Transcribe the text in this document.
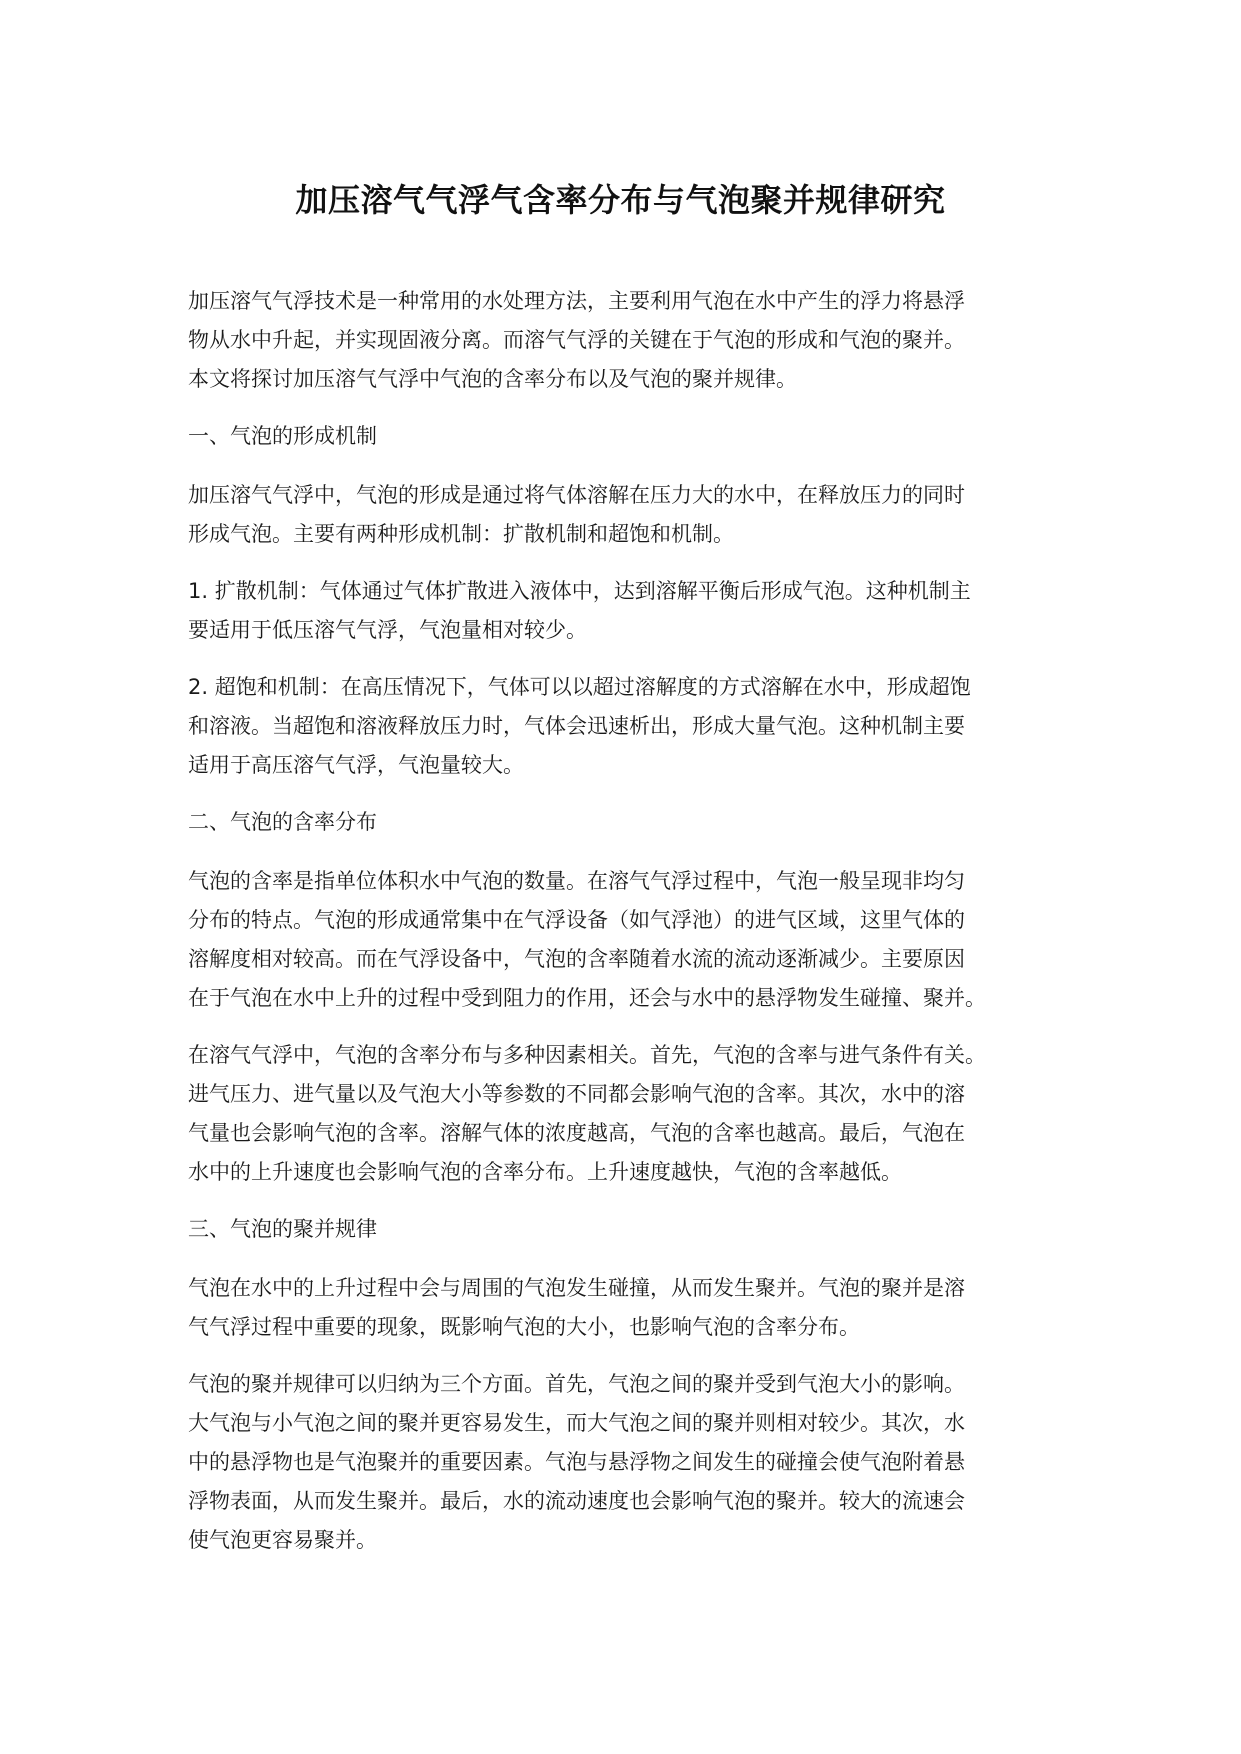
加压溶气气浮气含率分布与气泡聚并规律研究

加压溶气气浮技术是一种常用的水处理方法，主要利用气泡在水中产生的浮力将悬浮
物从水中升起，并实现固液分离。而溶气气浮的关键在于气泡的形成和气泡的聚并。
本文将探讨加压溶气气浮中气泡的含率分布以及气泡的聚并规律。

一、气泡的形成机制

加压溶气气浮中，气泡的形成是通过将气体溶解在压力大的水中，在释放压力的同时
形成气泡。主要有两种形成机制：扩散机制和超饱和机制。

1. 扩散机制：气体通过气体扩散进入液体中，达到溶解平衡后形成气泡。这种机制主
要适用于低压溶气气浮，气泡量相对较少。

2. 超饱和机制：在高压情况下，气体可以以超过溶解度的方式溶解在水中，形成超饱
和溶液。当超饱和溶液释放压力时，气体会迅速析出，形成大量气泡。这种机制主要
适用于高压溶气气浮，气泡量较大。

二、气泡的含率分布

气泡的含率是指单位体积水中气泡的数量。在溶气气浮过程中，气泡一般呈现非均匀
分布的特点。气泡的形成通常集中在气浮设备（如气浮池）的进气区域，这里气体的
溶解度相对较高。而在气浮设备中，气泡的含率随着水流的流动逐渐减少。主要原因
在于气泡在水中上升的过程中受到阻力的作用，还会与水中的悬浮物发生碰撞、聚并。

在溶气气浮中，气泡的含率分布与多种因素相关。首先，气泡的含率与进气条件有关。
进气压力、进气量以及气泡大小等参数的不同都会影响气泡的含率。其次，水中的溶
气量也会影响气泡的含率。溶解气体的浓度越高，气泡的含率也越高。最后，气泡在
水中的上升速度也会影响气泡的含率分布。上升速度越快，气泡的含率越低。

三、气泡的聚并规律

气泡在水中的上升过程中会与周围的气泡发生碰撞，从而发生聚并。气泡的聚并是溶
气气浮过程中重要的现象，既影响气泡的大小，也影响气泡的含率分布。

气泡的聚并规律可以归纳为三个方面。首先，气泡之间的聚并受到气泡大小的影响。
大气泡与小气泡之间的聚并更容易发生，而大气泡之间的聚并则相对较少。其次，水
中的悬浮物也是气泡聚并的重要因素。气泡与悬浮物之间发生的碰撞会使气泡附着悬
浮物表面，从而发生聚并。最后，水的流动速度也会影响气泡的聚并。较大的流速会
使气泡更容易聚并。
